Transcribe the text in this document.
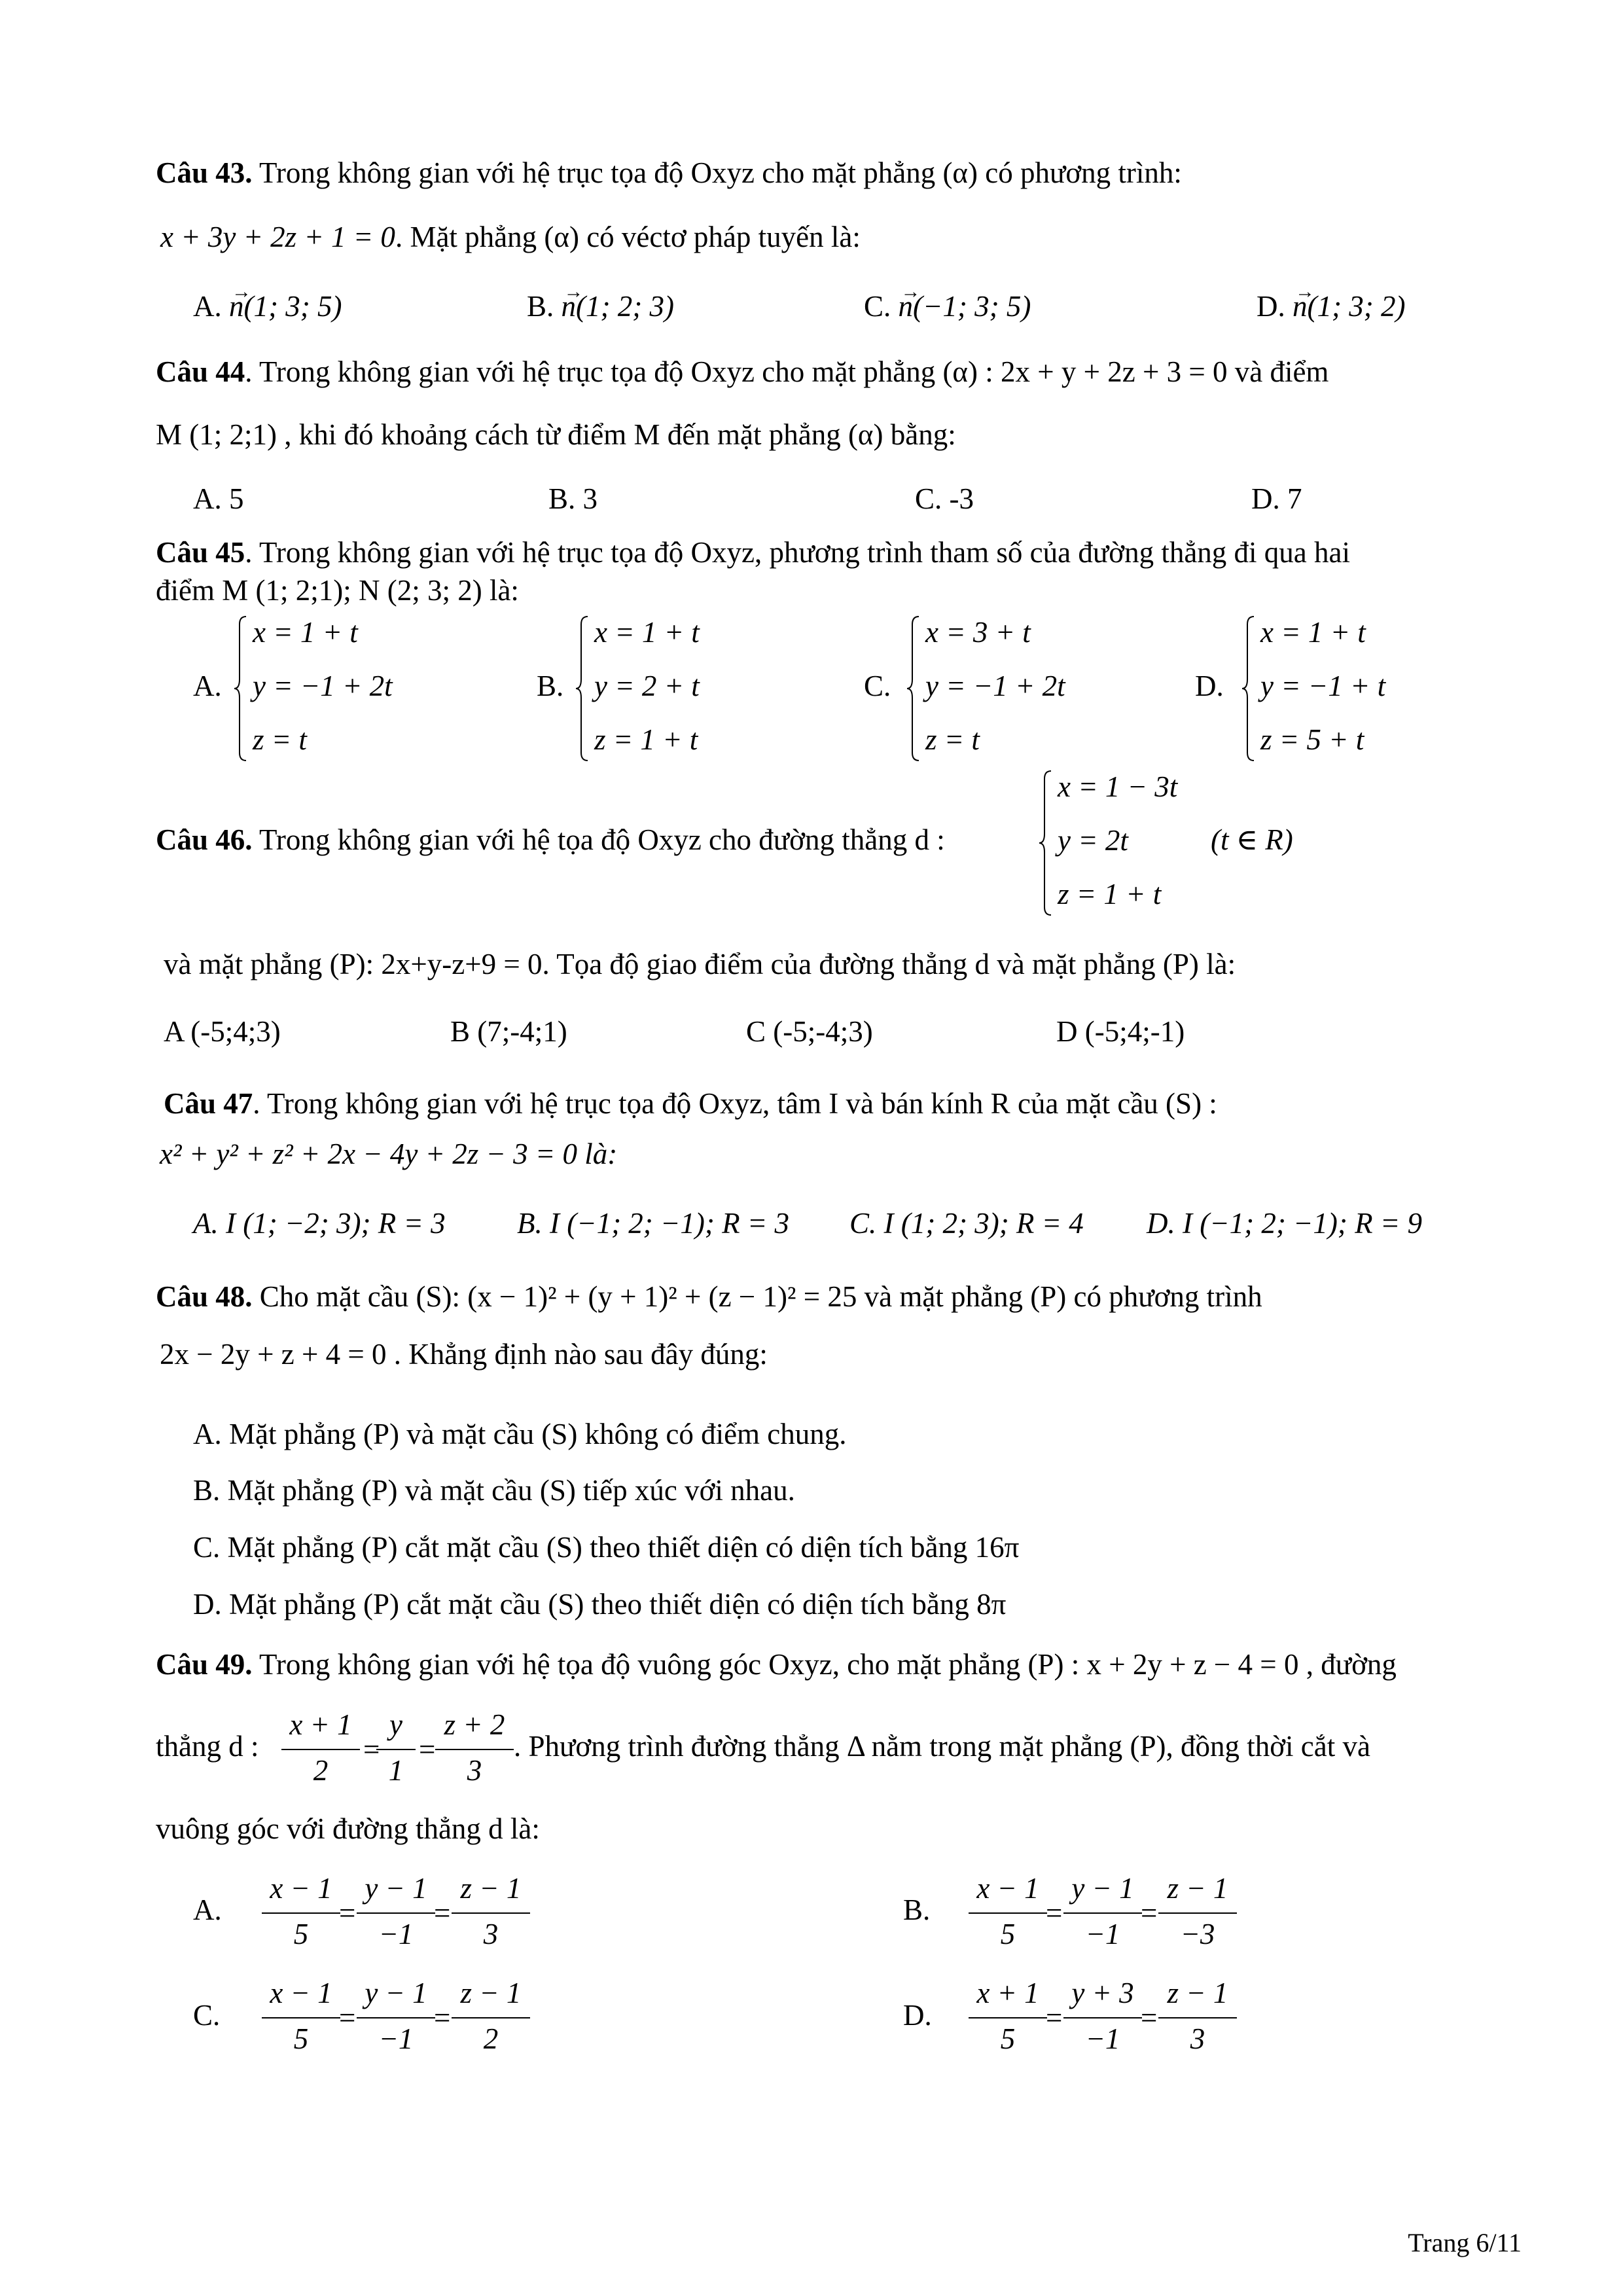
Câu 43. Trong không gian với hệ trục tọa độ Oxyz cho mặt phẳng (α) có phương trình:
x + 3y + 2z + 1 = 0. Mặt phẳng (α) có véctơ pháp tuyến là:
A. → n(1; 3; 5)	B. → n(1; 2; 3)	C. → n(−1; 3; 5)	D. → n(1; 3; 2)
Câu 44. Trong không gian với hệ trục tọa độ Oxyz cho mặt phẳng (α) : 2x + y + 2z + 3 = 0 và điểm
M (1; 2;1) , khi đó khoảng cách từ điểm M đến mặt phẳng (α) bằng:
A. 5	B. 3	C. -3	D. 7
Câu 45. Trong không gian với hệ trục tọa độ Oxyz, phương trình tham số của đường thẳng đi qua hai
điểm M (1; 2;1); N (2; 3; 2) là:
A.
x = 1 + t
y = −1 + 2t
z = t
B.
x = 1 + t
y = 2 + t
z = 1 + t
C.
x = 3 + t
y = −1 + 2t
z = t
D.
x = 1 + t
y = −1 + t
z = 5 + t
Câu 46. Trong không gian với hệ tọa độ Oxyz cho đường thẳng d :
x = 1 − 3t
y = 2t
z = 1 + t
(t ∈ R)
và mặt phẳng (P): 2x+y-z+9 = 0. Tọa độ giao điểm của đường thẳng d và mặt phẳng (P) là:
A (-5;4;3)	B (7;-4;1)	C (-5;-4;3)	D (-5;4;-1)
Câu 47. Trong không gian với hệ trục tọa độ Oxyz, tâm I và bán kính R của mặt cầu (S) :
x² + y² + z² + 2x − 4y + 2z − 3 = 0 là:
A. I (1; −2; 3); R = 3 B. I (−1; 2; −1); R = 3 C. I (1; 2; 3); R = 4 D. I (−1; 2; −1); R = 9
Câu 48. Cho mặt cầu (S): (x − 1)² + (y + 1)² + (z − 1)² = 25 và mặt phẳng (P) có phương trình
2x − 2y + z + 4 = 0 . Khẳng định nào sau đây đúng:
A. Mặt phẳng (P) và mặt cầu (S) không có điểm chung.
B. Mặt phẳng (P) và mặt cầu (S) tiếp xúc với nhau.
C. Mặt phẳng (P) cắt mặt cầu (S) theo thiết diện có diện tích bằng 16π
D. Mặt phẳng (P) cắt mặt cầu (S) theo thiết diện có diện tích bằng 8π
Câu 49. Trong không gian với hệ tọa độ vuông góc Oxyz, cho mặt phẳng (P) : x + 2y + z − 4 = 0 , đường
thẳng d :
x + 1
2
=
y
1
=
z + 2
3
. Phương trình đường thẳng Δ nằm trong mặt phẳng (P), đồng thời cắt và
vuông góc với đường thẳng d là:
A.
x − 1
5
=
y − 1
−1
=
z − 1
3
B.
x − 1
5
=
y − 1
−1
=
z − 1
−3
C.
x − 1
5
=
y − 1
−1
=
z − 1
2
D.
x + 1
5
=
y + 3
−1
=
z − 1
3
Trang 6/11
